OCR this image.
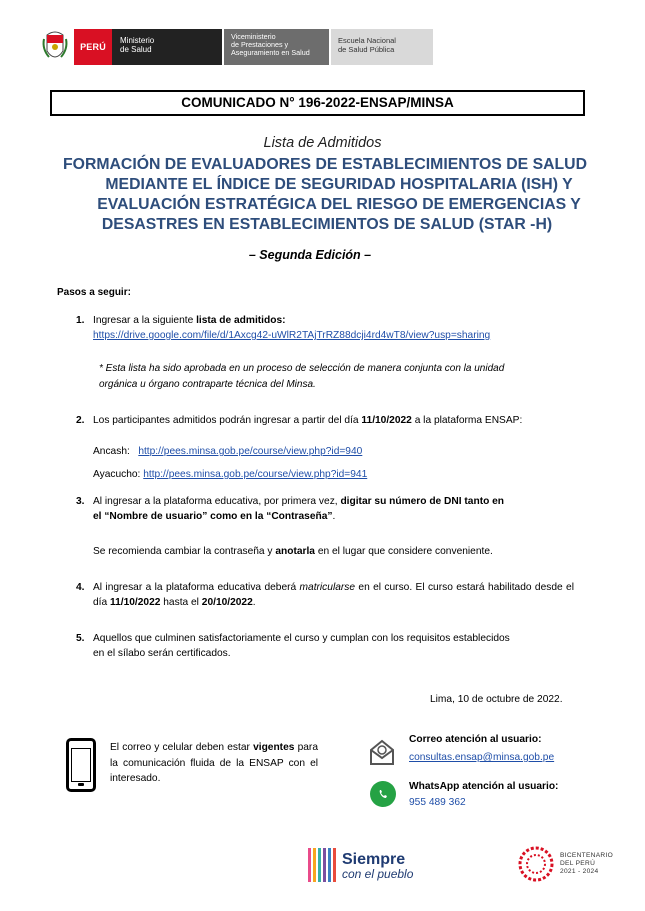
PERÚ
Ministerio
de Salud
Viceministerio
de Prestaciones y
Aseguramiento en Salud
Escuela Nacional
de Salud Pública
COMUNICADO N° 196-2022-ENSAP/MINSA
Lista de Admitidos
FORMACIÓN DE EVALUADORES DE ESTABLECIMIENTOS DE SALUD
MEDIANTE EL ÍNDICE DE SEGURIDAD HOSPITALARIA (ISH) Y
EVALUACIÓN ESTRATÉGICA DEL RIESGO DE EMERGENCIAS Y
DESASTRES EN ESTABLECIMIENTOS DE SALUD (STAR -H)
– Segunda Edición –
Pasos a seguir:
1. Ingresar a la siguiente lista de admitidos:
https://drive.google.com/file/d/1Axcg42-uWlR2TAjTrRZ88dcji4rd4wT8/view?usp=sharing
* Esta lista ha sido aprobada en un proceso de selección de manera conjunta con la unidad
orgánica u órgano contraparte técnica del Minsa.
2. Los participantes admitidos podrán ingresar a partir del día 11/10/2022 a la plataforma ENSAP:
Ancash: http://pees.minsa.gob.pe/course/view.php?id=940
Ayacucho: http://pees.minsa.gob.pe/course/view.php?id=941
3. Al ingresar a la plataforma educativa, por primera vez, digitar su número de DNI tanto en
el “Nombre de usuario” como en la “Contraseña”.
Se recomienda cambiar la contraseña y anotarla en el lugar que considere conveniente.
4. Al ingresar a la plataforma educativa deberá matricularse en el curso. El curso estará habilitado desde el día 11/10/2022 hasta el 20/10/2022.
5. Aquellos que culminen satisfactoriamente el curso y cumplan con los requisitos establecidos
en el sílabo serán certificados.
Lima, 10 de octubre de 2022.
El correo y celular deben estar vigentes para la comunicación fluida de la ENSAP con el interesado.
Correo atención al usuario:
consultas.ensap@minsa.gob.pe
WhatsApp atención al usuario:
955 489 362
Siempre
con el pueblo
BICENTENARIO
DEL PERÚ
2021 - 2024
